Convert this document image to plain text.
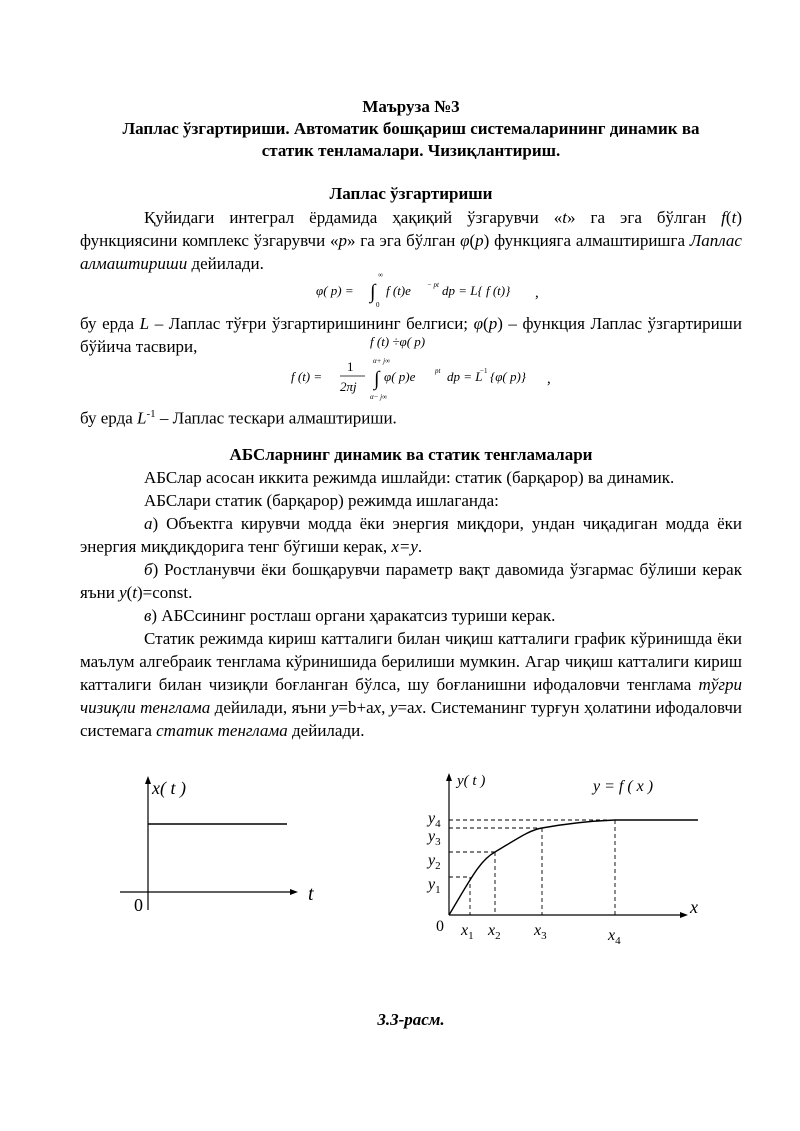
Маъруза №3
Лаплас ўзгартириши. Автоматик бошқариш системаларининг динамик ва
статик тенламалари. Чизиқлантириш.
Лаплас ўзгартириши

Қуйидаги интеграл ёрдамида ҳақиқий ўзгарувчи «t» га эга бўлган f(t) функциясини комплекс ўзгарувчи «p» га эга бўлган φ(p) функцияга алмаштиришга Лаплас алмаштириши дейилади.

φ( p) =
∞
∫
0
f (t)e − pt dp = L{ f (t)} ,

бу ерда L – Лаплас тўғри ўзгартиришининг белгиси; φ(p) – функция Лаплас ўзгартириши бўйича тасвири,	f (t) ÷φ( p)
f (t) =
1
2πj
α+ j∞
∫
α− j∞
φ( p)e	pt dp = L
−1 {φ( p)} ,

бу ерда $L^{-1}$ – Лаплас тескари алмаштириши.

АБСларнинг динамик ва статик тенгламалари

АБСлар асосан иккита режимда ишлайди: статик (барқарор) ва динамик.

АБСлари статик (барқарор) режимда ишлаганда:

а) Объектга кирувчи модда ёки энергия миқдори, ундан чиқадиган модда ёки энергия миқдиқдорига тенг бўгиши керак, x=y.

б) Ростланувчи ёки бошқарувчи параметр вақт давомида ўзгармас бўлиши керак яъни y(t)=const.

в) АБСсининг ростлаш органи ҳаракатсиз туриши керак.

Статик режимда кириш катталиги билан чиқиш катталиги график кўринишда ёки маълум алгебраик тенглама кўринишида берилиши мумкин. Агар чиқиш катталиги кириш катталиги билан чизиқли боғланган бўлса, шу боғланишни ифодаловчи тенглама тўгри чизиқли тенглама дейилади, яъни y=b+ax, y=ax. Системанинг турғун ҳолатини ифодаловчи системага статик тенглама дейилади.

x( t )
t
0
y( t )	y = f ( x )
x
0
$y_4$
$y_3$
$y_2$
$y_1$
$x_1$ $x_2$ $x_3$	$x_4$
3.3-расм.
